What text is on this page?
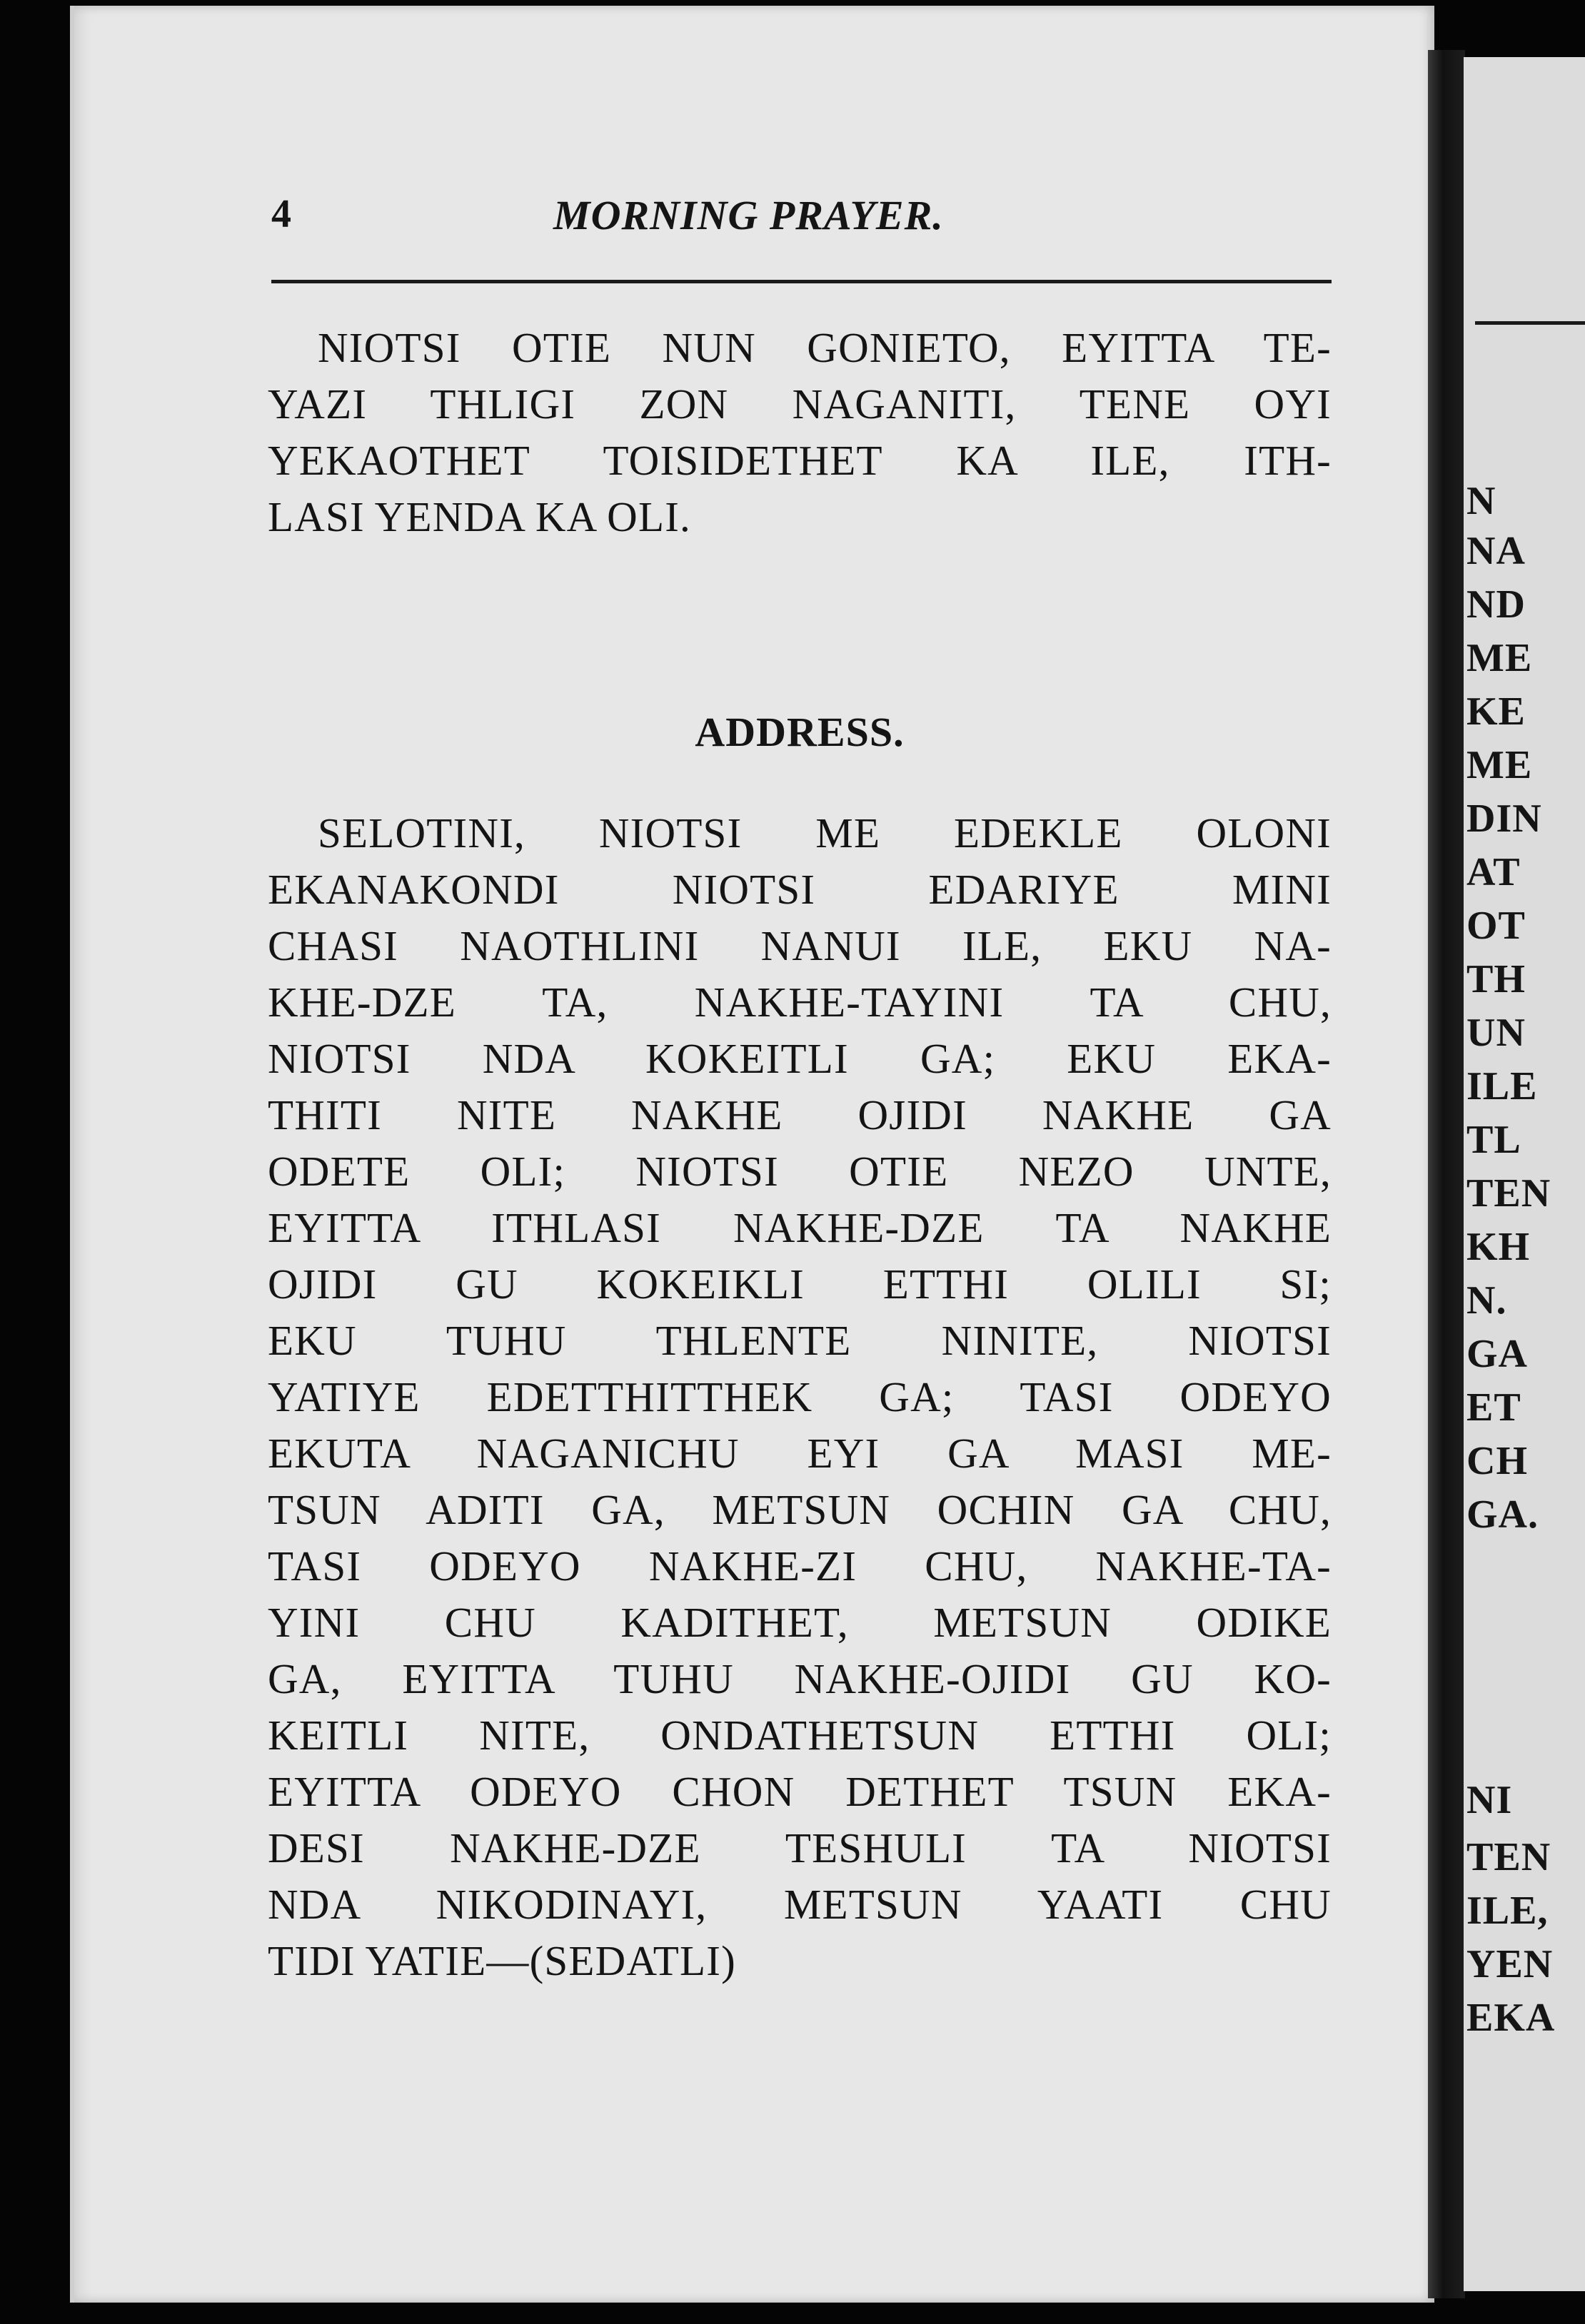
N
NA
ND
ME
KE
ME
DIN
AT
OT
TH
UN
ILE
TL
TEN
KH
N.
GA
ET
CH
GA.
NI
TEN
ILE,
YEN
EKA
4	MORNING PRAYER.
NIOTSI OTIE NUN GONIETO, EYITTA TE-
YAZI THLIGI ZON NAGANITI, TENE OYI
YEKAOTHET TOISIDETHET KA ILE, ITH-
LASI YENDA KA OLI.
ADDRESS.
SELOTINI, NIOTSI ME EDEKLE OLONI
EKANAKONDI NIOTSI EDARIYE MINI
CHASI NAOTHLINI NANUI ILE, EKU NA-
KHE-DZE TA, NAKHE-TAYINI TA CHU,
NIOTSI NDA KOKEITLI GA; EKU EKA-
THITI NITE NAKHE OJIDI NAKHE GA
ODETE OLI; NIOTSI OTIE NEZO UNTE,
EYITTA ITHLASI NAKHE-DZE TA NAKHE
OJIDI GU KOKEIKLI ETTHI OLILI SI;
EKU TUHU THLENTE NINITE, NIOTSI
YATIYE EDETTHITTHEK GA; TASI ODEYO
EKUTA NAGANICHU EYI GA MASI ME-
TSUN ADITI GA, METSUN OCHIN GA CHU,
TASI ODEYO NAKHE-ZI CHU, NAKHE-TA-
YINI CHU KADITHET, METSUN ODIKE
GA, EYITTA TUHU NAKHE-OJIDI GU KO-
KEITLI NITE, ONDATHETSUN ETTHI OLI;
EYITTA ODEYO CHON DETHET TSUN EKA-
DESI NAKHE-DZE TESHULI TA NIOTSI
NDA NIKODINAYI, METSUN YAATI CHU
TIDI YATIE—(SEDATLI)
